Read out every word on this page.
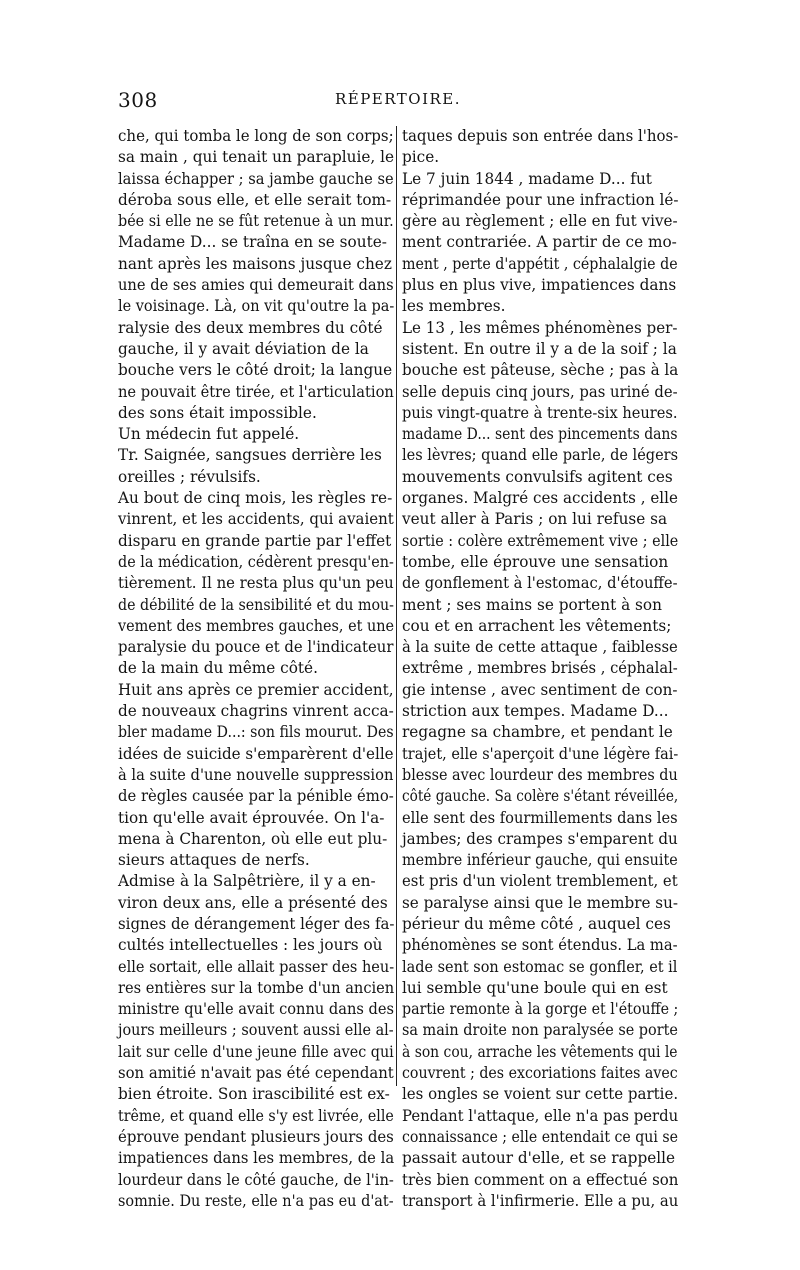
308	RÉPERTOIRE.
che, qui tomba le long de son corps;
sa main , qui tenait un parapluie, le
laissa échapper ; sa jambe gauche se
déroba sous elle, et elle serait tom-
bée si elle ne se fût retenue à un mur.
Madame D... se traîna en se soute-
nant après les maisons jusque chez
une de ses amies qui demeurait dans
le voisinage. Là, on vit qu'outre la pa-
ralysie des deux membres du côté
gauche, il y avait déviation de la
bouche vers le côté droit; la langue
ne pouvait être tirée, et l'articulation
des sons était impossible.
Un médecin fut appelé.
Tr. Saignée, sangsues derrière les
oreilles ; révulsifs.
Au bout de cinq mois, les règles re-
vinrent, et les accidents, qui avaient
disparu en grande partie par l'effet
de la médication, cédèrent presqu'en-
tièrement. Il ne resta plus qu'un peu
de débilité de la sensibilité et du mou-
vement des membres gauches, et une
paralysie du pouce et de l'indicateur
de la main du même côté.
Huit ans après ce premier accident,
de nouveaux chagrins vinrent acca-
bler madame D...: son fils mourut. Des
idées de suicide s'emparèrent d'elle
à la suite d'une nouvelle suppression
de règles causée par la pénible émo-
tion qu'elle avait éprouvée. On l'a-
mena à Charenton, où elle eut plu-
sieurs attaques de nerfs.
Admise à la Salpêtrière, il y a en-
viron deux ans, elle a présenté des
signes de dérangement léger des fa-
cultés intellectuelles : les jours où
elle sortait, elle allait passer des heu-
res entières sur la tombe d'un ancien
ministre qu'elle avait connu dans des
jours meilleurs ; souvent aussi elle al-
lait sur celle d'une jeune fille avec qui
son amitié n'avait pas été cependant
bien étroite. Son irascibilité est ex-
trême, et quand elle s'y est livrée, elle
éprouve pendant plusieurs jours des
impatiences dans les membres, de la
lourdeur dans le côté gauche, de l'in-
somnie. Du reste, elle n'a pas eu d'at-
taques depuis son entrée dans l'hos-
pice.
Le 7 juin 1844 , madame D... fut
réprimandée pour une infraction lé-
gère au règlement ; elle en fut vive-
ment contrariée. A partir de ce mo-
ment , perte d'appétit , céphalalgie de
plus en plus vive, impatiences dans
les membres.
Le 13 , les mêmes phénomènes per-
sistent. En outre il y a de la soif ; la
bouche est pâteuse, sèche ; pas à la
selle depuis cinq jours, pas uriné de-
puis vingt-quatre à trente-six heures.
madame D... sent des pincements dans
les lèvres; quand elle parle, de légers
mouvements convulsifs agitent ces
organes. Malgré ces accidents , elle
veut aller à Paris ; on lui refuse sa
sortie : colère extrêmement vive ; elle
tombe, elle éprouve une sensation
de gonflement à l'estomac, d'étouffe-
ment ; ses mains se portent à son
cou et en arrachent les vêtements;
à la suite de cette attaque , faiblesse
extrême , membres brisés , céphalal-
gie intense , avec sentiment de con-
striction aux tempes. Madame D...
regagne sa chambre, et pendant le
trajet, elle s'aperçoit d'une légère fai-
blesse avec lourdeur des membres du
côté gauche. Sa colère s'étant réveillée,
elle sent des fourmillements dans les
jambes; des crampes s'emparent du
membre inférieur gauche, qui ensuite
est pris d'un violent tremblement, et
se paralyse ainsi que le membre su-
périeur du même côté , auquel ces
phénomènes se sont étendus. La ma-
lade sent son estomac se gonfler, et il
lui semble qu'une boule qui en est
partie remonte à la gorge et l'étouffe ;
sa main droite non paralysée se porte
à son cou, arrache les vêtements qui le
couvrent ; des excoriations faites avec
les ongles se voient sur cette partie.
Pendant l'attaque, elle n'a pas perdu
connaissance ; elle entendait ce qui se
passait autour d'elle, et se rappelle
très bien comment on a effectué son
transport à l'infirmerie. Elle a pu, au
